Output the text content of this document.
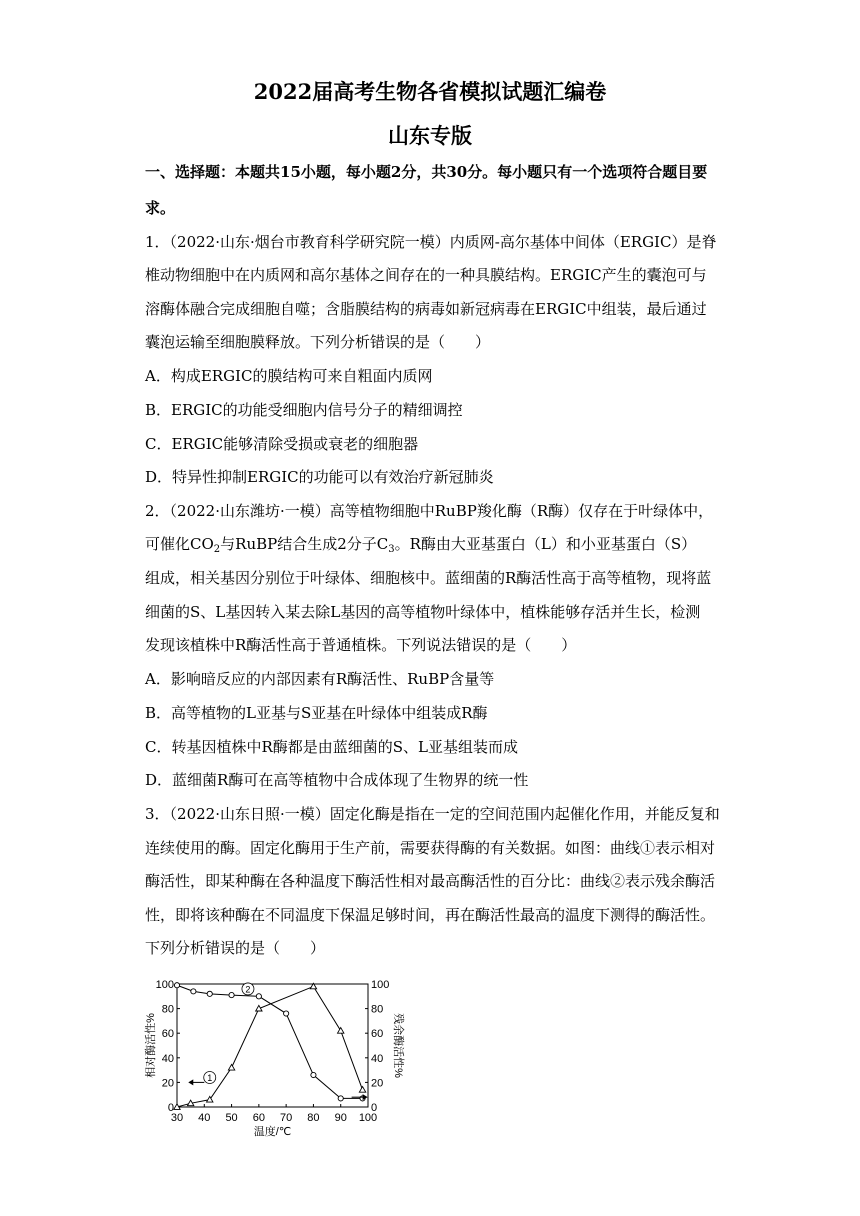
2022届高考生物各省模拟试题汇编卷
山东专版
一、选择题：本题共15小题，每小题2分，共30分。每小题只有一个选项符合题目要
求。
1．（2022·山东·烟台市教育科学研究院一模）内质网-高尔基体中间体（ERGIC）是脊
椎动物细胞中在内质网和高尔基体之间存在的一种具膜结构。ERGIC产生的囊泡可与
溶酶体融合完成细胞自噬；含脂膜结构的病毒如新冠病毒在ERGIC中组装，最后通过
囊泡运输至细胞膜释放。下列分析错误的是（　　）
A．构成ERGIC的膜结构可来自粗面内质网
B．ERGIC的功能受细胞内信号分子的精细调控
C．ERGIC能够清除受损或衰老的细胞器
D．特异性抑制ERGIC的功能可以有效治疗新冠肺炎
2．（2022·山东潍坊·一模）高等植物细胞中RuBP羧化酶（R酶）仅存在于叶绿体中，
可催化$CO_2$与RuBP结合生成2分子$C_3$。R酶由大亚基蛋白（L）和小亚基蛋白（S）
组成，相关基因分别位于叶绿体、细胞核中。蓝细菌的R酶活性高于高等植物，现将蓝
细菌的S、L基因转入某去除L基因的高等植物叶绿体中，植株能够存活并生长，检测
发现该植株中R酶活性高于普通植株。下列说法错误的是（　　）
A．影响暗反应的内部因素有R酶活性、RuBP含量等
B．高等植物的L亚基与S亚基在叶绿体中组装成R酶
C．转基因植株中R酶都是由蓝细菌的S、L亚基组装而成
D．蓝细菌R酶可在高等植物中合成体现了生物界的统一性
3．（2022·山东日照·一模）固定化酶是指在一定的空间范围内起催化作用，并能反复和
连续使用的酶。固定化酶用于生产前，需要获得酶的有关数据。如图：曲线①表示相对
酶活性，即某种酶在各种温度下酶活性相对最高酶活性的百分比：曲线②表示残余酶活
性，即将该种酶在不同温度下保温足够时间，再在酶活性最高的温度下测得的酶活性。
下列分析错误的是（　　）
30 40 50 60 70 80 90 100
0	0
20	20
40	40
60	60
80	80
100	100
温度/℃
相对酶活性%	残余酶活性%
1
2
